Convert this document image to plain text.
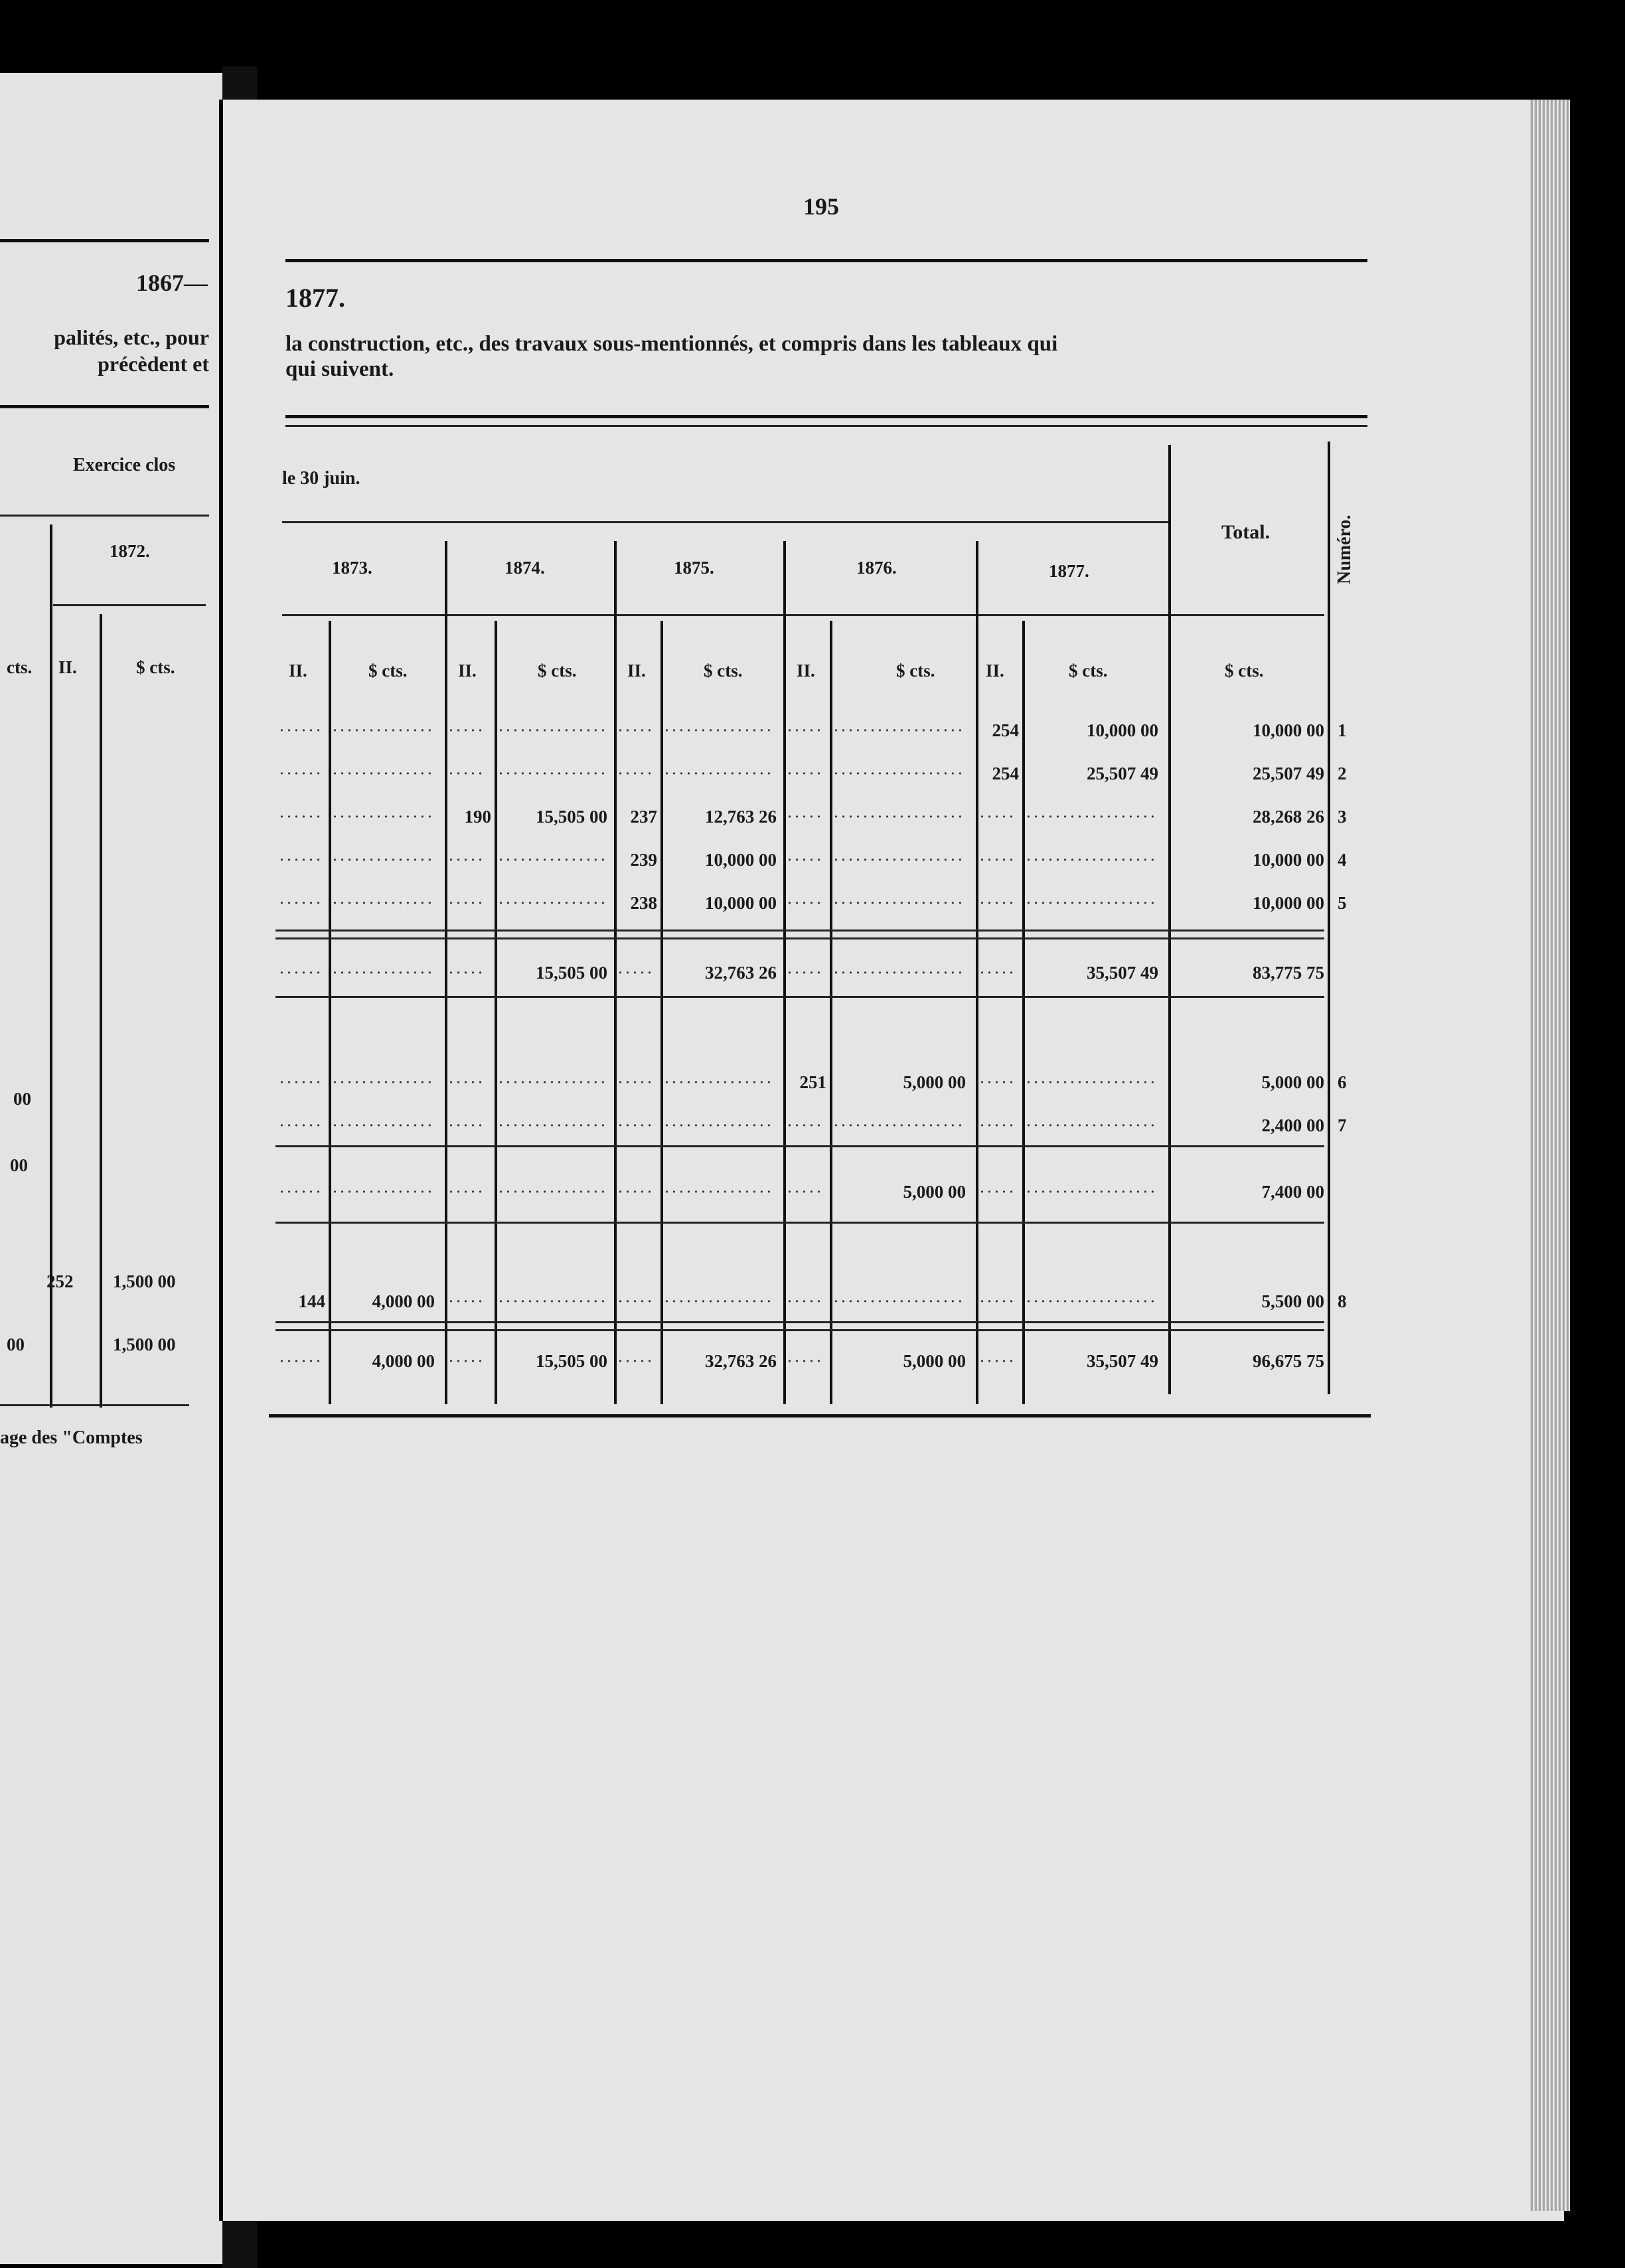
1867—
palités, etc., pour
précèdent et
Exercice clos
1872.
cts. II.	$ cts.
00
00
252 1,500 00
00	1,500 00
age des "Comptes
195
1877.
la construction, etc., des travaux sous-mentionnés, et compris dans les tableaux qui
qui suivent.
le 30 juin.
Total.	Numéro.
1873.	1874.	1875.	1876.	1877.
II.	$ cts.	II.	$ cts.	II.	$ cts.	II.	$ cts.	II.	$ cts.	$ cts.
······ ·············· ····· ··············· ····· ··············· ····· ··················	254	10,000 00	10,000 00 1
······ ·············· ····· ··············· ····· ··············· ····· ··················	254	25,507 49	25,507 49 2
······ ··············	190	15,505 00	237	12,763 26 ····· ·················· ····· ··················	28,268 26 3
······ ·············· ····· ···············	239	10,000 00 ····· ·················· ····· ··················	10,000 00 4
······ ·············· ····· ···············	238	10,000 00 ····· ·················· ····· ··················	10,000 00 5
······ ·············· ·····	15,505 00 ·····	32,763 26 ····· ·················· ·····	35,507 49	83,775 75
······ ·············· ····· ··············· ····· ···············	251	5,000 00 ····· ··················	5,000 00 6
······ ·············· ····· ··············· ····· ··············· ····· ·················· ····· ··················	2,400 00 7
······ ·············· ····· ··············· ····· ··············· ·····	5,000 00 ····· ··················	7,400 00
144	4,000 00 ····· ··············· ····· ··············· ····· ·················· ····· ··················	5,500 00 8
······	4,000 00 ·····	15,505 00 ·····	32,763 26 ·····	5,000 00 ·····	35,507 49	96,675 75
